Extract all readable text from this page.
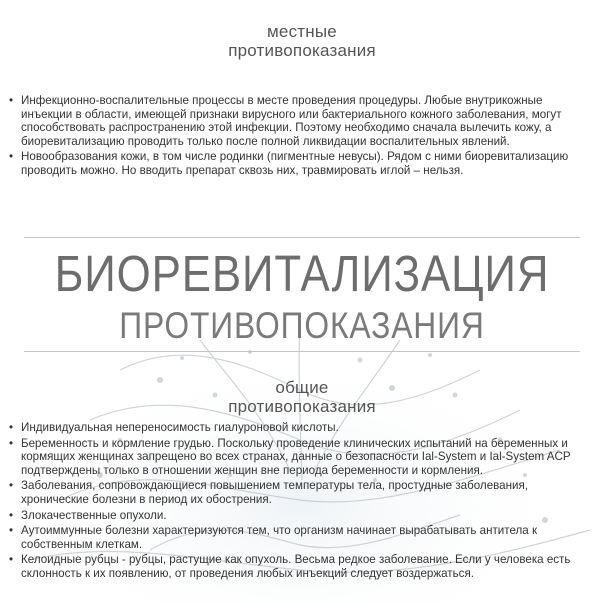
местные
противопоказания
• Инфекционно-воспалительные процессы в месте проведения процедуры. Любые внутрикожные инъекции в области, имеющей признаки вирусного или бактериального кожного заболевания, могут способствовать распространению этой инфекции. Поэтому необходимо сначала вылечить кожу, а биоревитализацию проводить только после полной ликвидации воспалительных явлений.
• Новообразования кожи, в том числе родинки (пигментные невусы). Рядом с ними биоревитализацию проводить можно. Но вводить препарат сквозь них, травмировать иглой – нельзя.
БИОРЕВИТАЛИЗАЦИЯ
ПРОТИВОПОКАЗАНИЯ
общие
противопоказания
• Индивидуальная непереносимость гиалуроновой кислоты.
• Беременность и кормление грудью. Поскольку проведение клинических испытаний на беременных и кормящих женщинах запрещено во всех странах, данные о безопасности Ial-System и Ial-System ACP подтверждены только в отношении женщин вне периода беременности и кормления.
• Заболевания, сопровождающиеся повышением температуры тела, простудные заболевания, хронические болезни в период их обострения.
• Злокачественные опухоли.
• Аутоиммунные болезни характеризуются тем, что организм начинает вырабатывать антитела к собственным клеткам.
• Келоидные рубцы - рубцы, растущие как опухоль. Весьма редкое заболевание. Если у человека есть склонность к их появлению, от проведения любых инъекций следует воздержаться.
